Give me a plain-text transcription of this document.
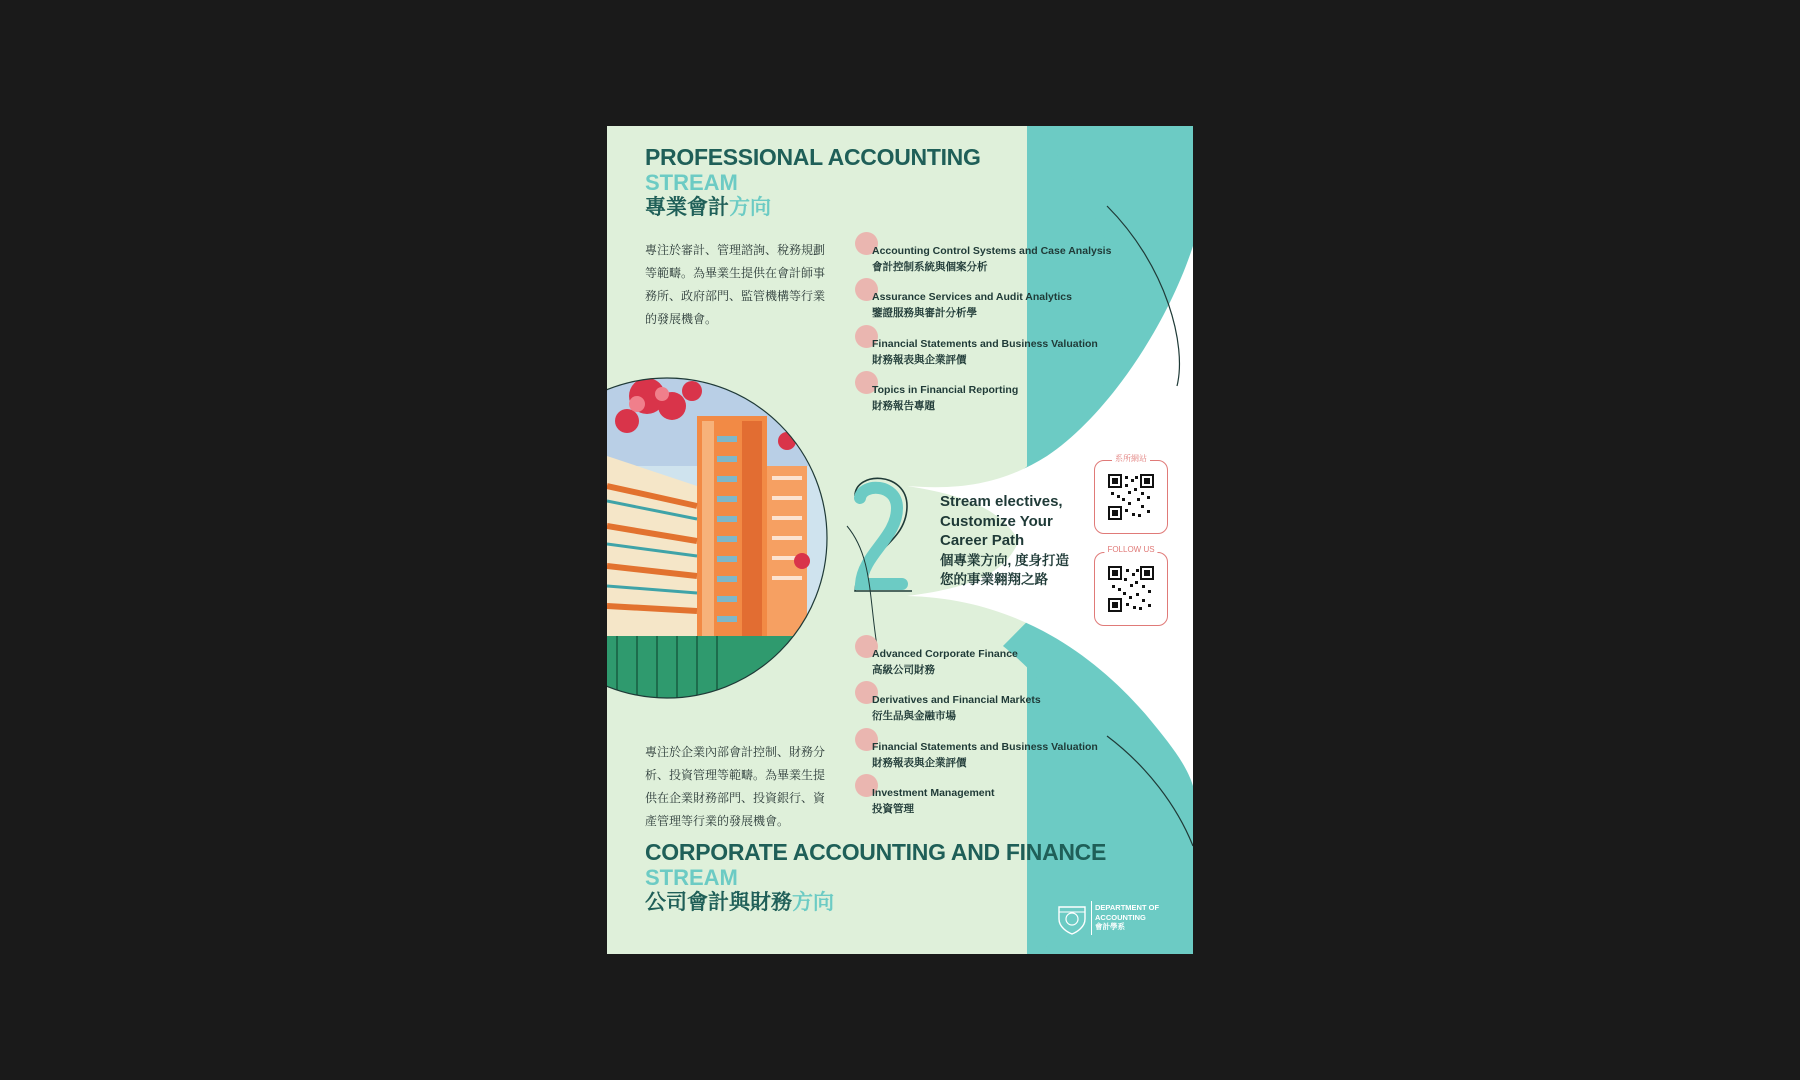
PROFESSIONAL ACCOUNTING

STREAM

專業會計方向

專注於審計、管理諮詢、稅務規劃等範疇。為畢業生提供在會計師事務所、政府部門、監管機構等行業的發展機會。

Accounting Control Systems and Case Analysis
會計控制系統與個案分析
Assurance Services and Audit Analytics
鑒證服務與審計分析學
Financial Statements and Business Valuation
財務報表與企業評價
Topics in Financial Reporting
財務報告專題
Stream electives,
Customize Your
Career Path
個專業方向, 度身打造
您的事業翱翔之路
系所網站
FOLLOW US
Advanced Corporate Finance
高級公司財務
Derivatives and Financial Markets
衍生品與金融市場
Financial Statements and Business Valuation
財務報表與企業評價
Investment Management
投資管理

專注於企業內部會計控制、財務分析、投資管理等範疇。為畢業生提供在企業財務部門、投資銀行、資產管理等行業的發展機會。

CORPORATE ACCOUNTING AND FINANCE

STREAM

公司會計與財務方向	DEPARTMENT OF
ACCOUNTING
會計學系
